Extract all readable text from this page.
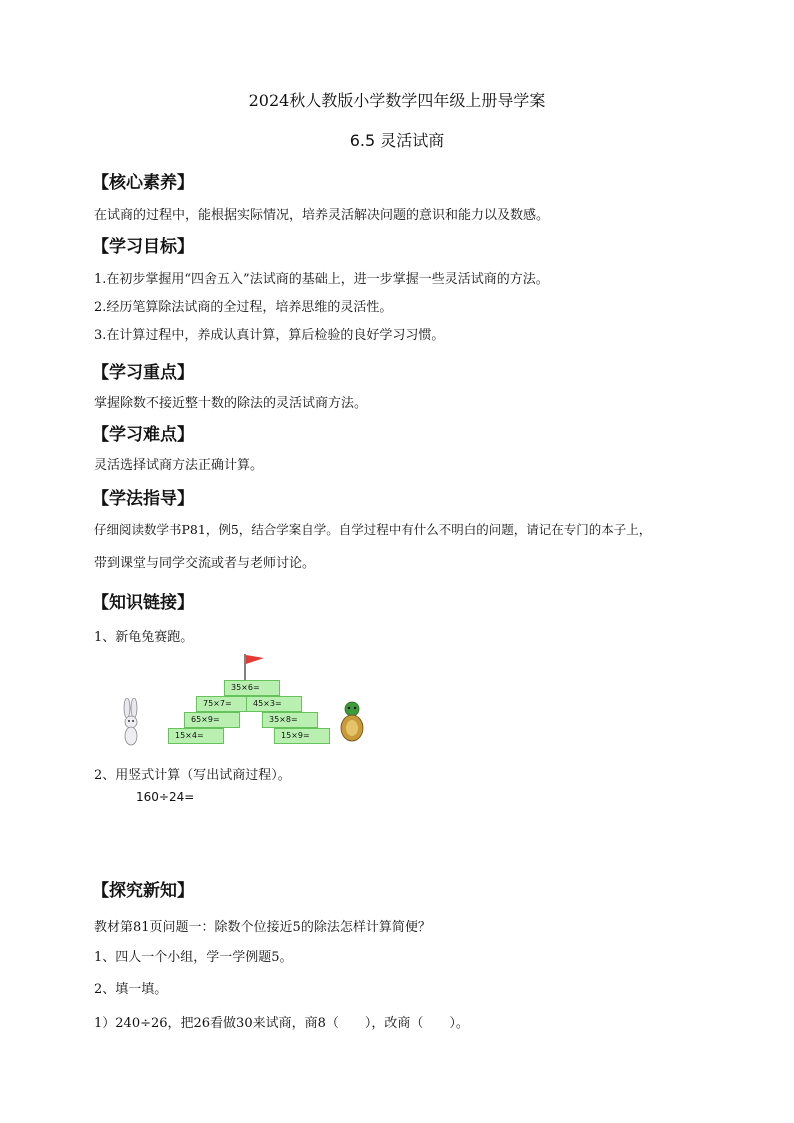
2024秋人教版小学数学四年级上册导学案
6.5 灵活试商
【核心素养】
在试商的过程中，能根据实际情况，培养灵活解决问题的意识和能力以及数感。
【学习目标】
1.在初步掌握用“四舍五入”法试商的基础上，进一步掌握一些灵活试商的方法。
2.经历笔算除法试商的全过程，培养思维的灵活性。
3.在计算过程中，养成认真计算，算后检验的良好学习习惯。
【学习重点】
掌握除数不接近整十数的除法的灵活试商方法。
【学习难点】
灵活选择试商方法正确计算。
【学法指导】
仔细阅读数学书P81，例5，结合学案自学。自学过程中有什么不明白的问题，请记在专门的本子上，
带到课堂与同学交流或者与老师讨论。
【知识链接】
1、新龟兔赛跑。
35×6=
75×7=	45×3=
65×9=	35×8=
15×4=	15×9=
2、用竖式计算（写出试商过程）。
160÷24=
【探究新知】
教材第81页问题一：除数个位接近5的除法怎样计算简便？
1、四人一个小组，学一学例题5。
2、填一填。
1）240÷26，把26看做30来试商，商8（　　），改商（　　）。
